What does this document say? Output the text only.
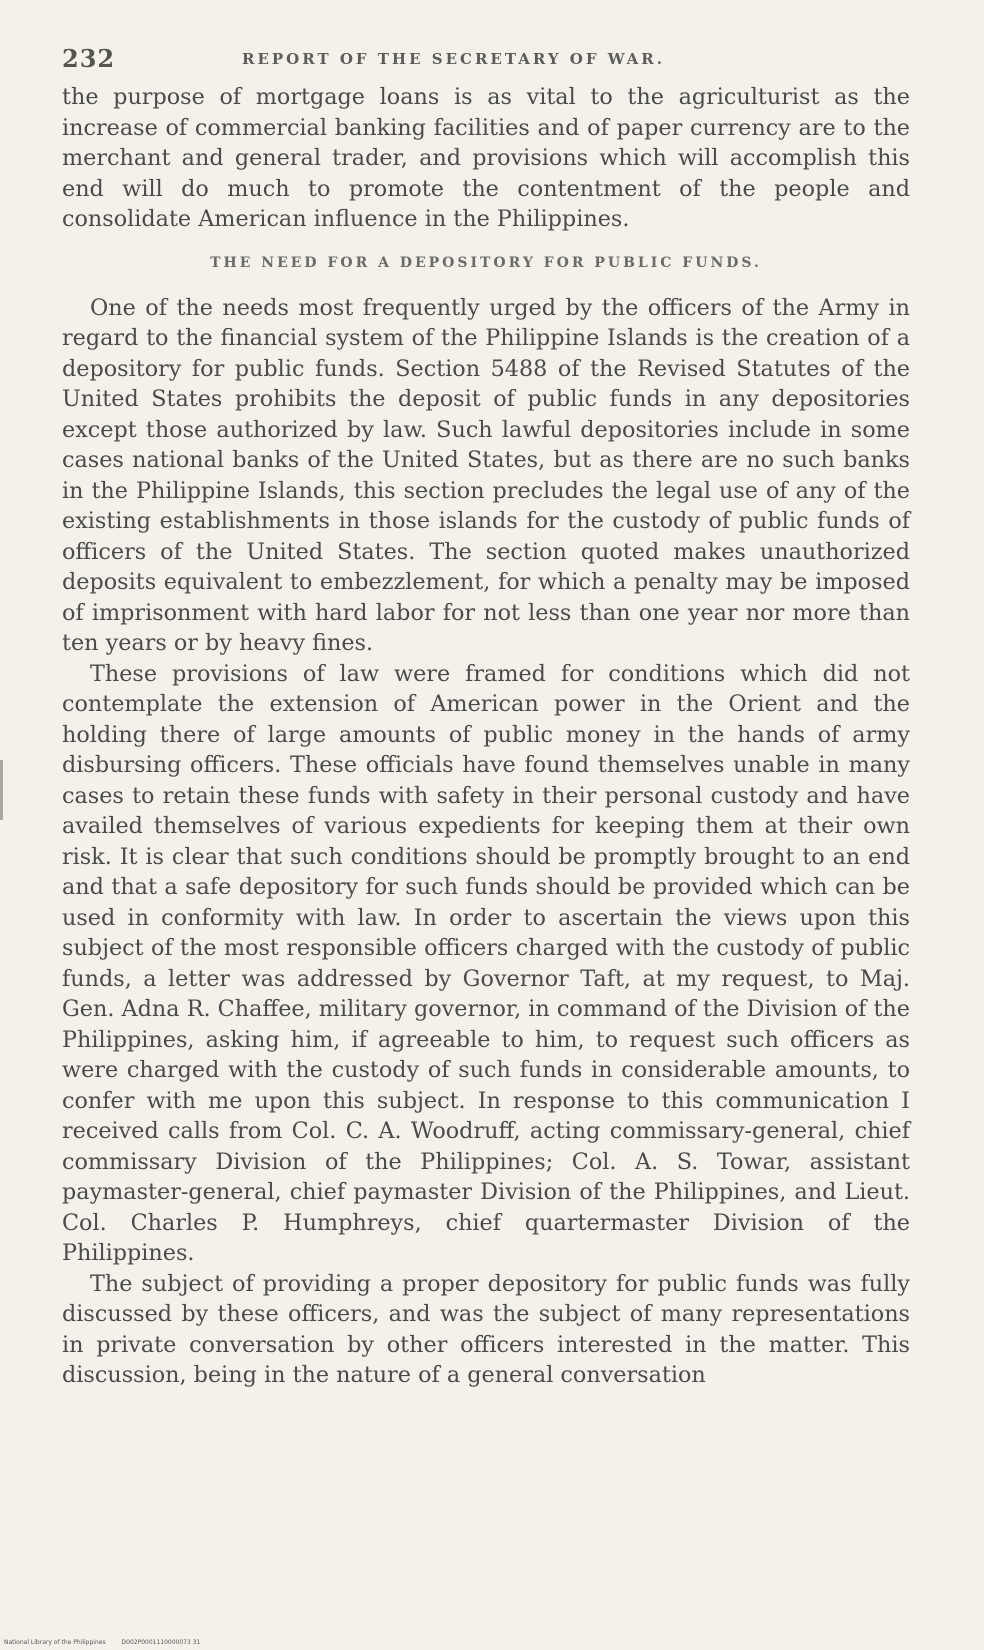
232	REPORT OF THE SECRETARY OF WAR.

the purpose of mortgage loans is as vital to the agriculturist as the increase of commercial banking facilities and of paper currency are to the merchant and general trader, and provisions which will accomplish this end will do much to promote the contentment of the people and consolidate American influence in the Philippines.

THE NEED FOR A DEPOSITORY FOR PUBLIC FUNDS.

One of the needs most frequently urged by the officers of the Army in regard to the financial system of the Philippine Islands is the creation of a depository for public funds. Section 5488 of the Revised Statutes of the United States prohibits the deposit of public funds in any depositories except those authorized by law. Such lawful depositories include in some cases national banks of the United States, but as there are no such banks in the Philippine Islands, this section precludes the legal use of any of the existing establishments in those islands for the custody of public funds of officers of the United States. The section quoted makes unauthorized deposits equivalent to embezzlement, for which a penalty may be imposed of imprisonment with hard labor for not less than one year nor more than ten years or by heavy fines.

These provisions of law were framed for conditions which did not contemplate the extension of American power in the Orient and the holding there of large amounts of public money in the hands of army disbursing officers. These officials have found themselves unable in many cases to retain these funds with safety in their personal custody and have availed themselves of various expedients for keeping them at their own risk. It is clear that such conditions should be promptly brought to an end and that a safe depository for such funds should be provided which can be used in conformity with law. In order to ascertain the views upon this subject of the most responsible officers charged with the custody of public funds, a letter was addressed by Governor Taft, at my request, to Maj. Gen. Adna R. Chaffee, military governor, in command of the Division of the Philippines, asking him, if agreeable to him, to request such officers as were charged with the custody of such funds in considerable amounts, to confer with me upon this subject. In response to this communication I received calls from Col. C. A. Woodruff, acting commissary-general, chief commissary Division of the Philippines; Col. A. S. Towar, assistant paymaster-general, chief paymaster Division of the Philippines, and Lieut. Col. Charles P. Humphreys, chief quartermaster Division of the Philippines.

The subject of providing a proper depository for public funds was fully discussed by these officers, and was the subject of many representations in private conversation by other officers interested in the matter. This discussion, being in the nature of a general conversation

National Library of the Philippines	D002P0001110000073 31
